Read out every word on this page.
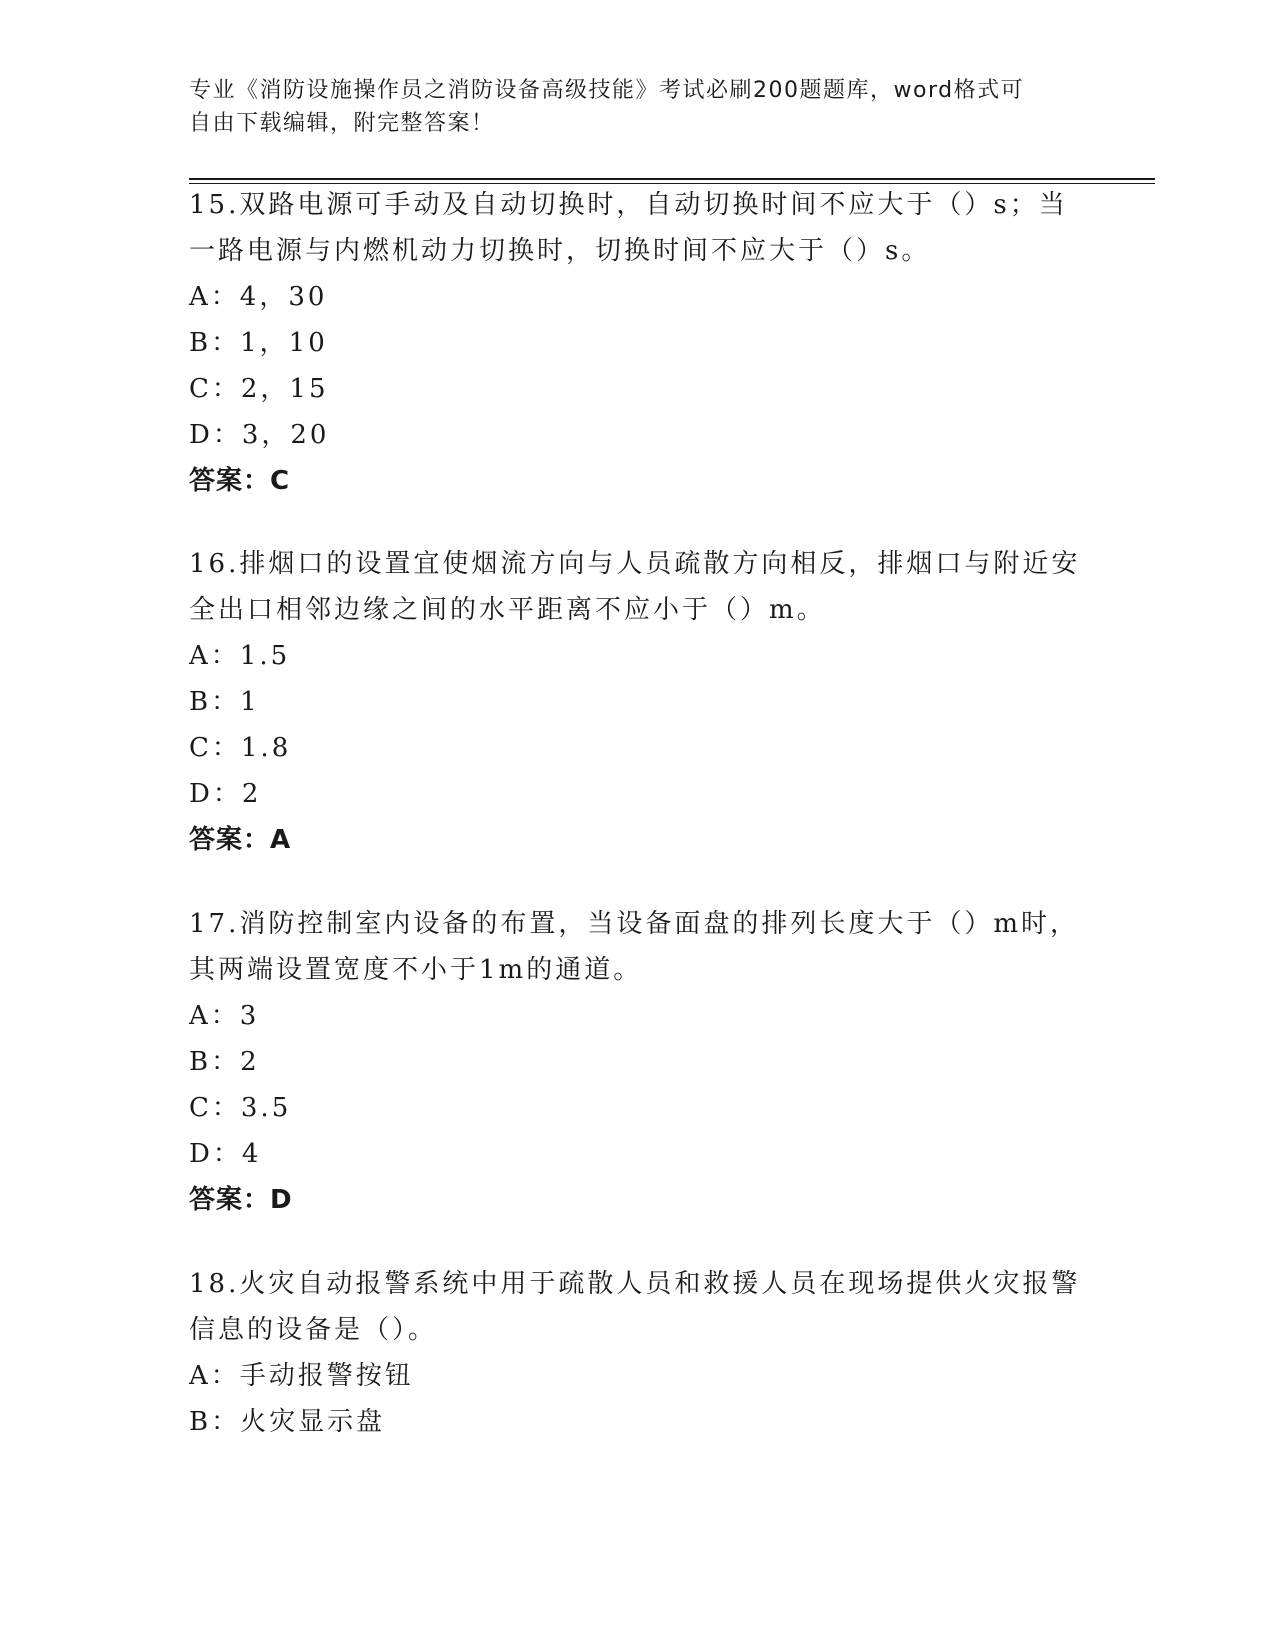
专业《消防设施操作员之消防设备高级技能》考试必刷200题题库，word格式可
自由下载编辑，附完整答案！

15.双路电源可手动及自动切换时，自动切换时间不应大于（）s；当
一路电源与内燃机动力切换时，切换时间不应大于（）s。

A：4，30
B：1，10
C：2，15
D：3，20
答案：C

16.排烟口的设置宜使烟流方向与人员疏散方向相反，排烟口与附近安
全出口相邻边缘之间的水平距离不应小于（）m。

A：1.5
B：1
C：1.8
D：2
答案：A

17.消防控制室内设备的布置，当设备面盘的排列长度大于（）m时，
其两端设置宽度不小于1m的通道。

A：3
B：2
C：3.5
D：4
答案：D

18.火灾自动报警系统中用于疏散人员和救援人员在现场提供火灾报警
信息的设备是（）。

A：手动报警按钮
B：火灾显示盘
